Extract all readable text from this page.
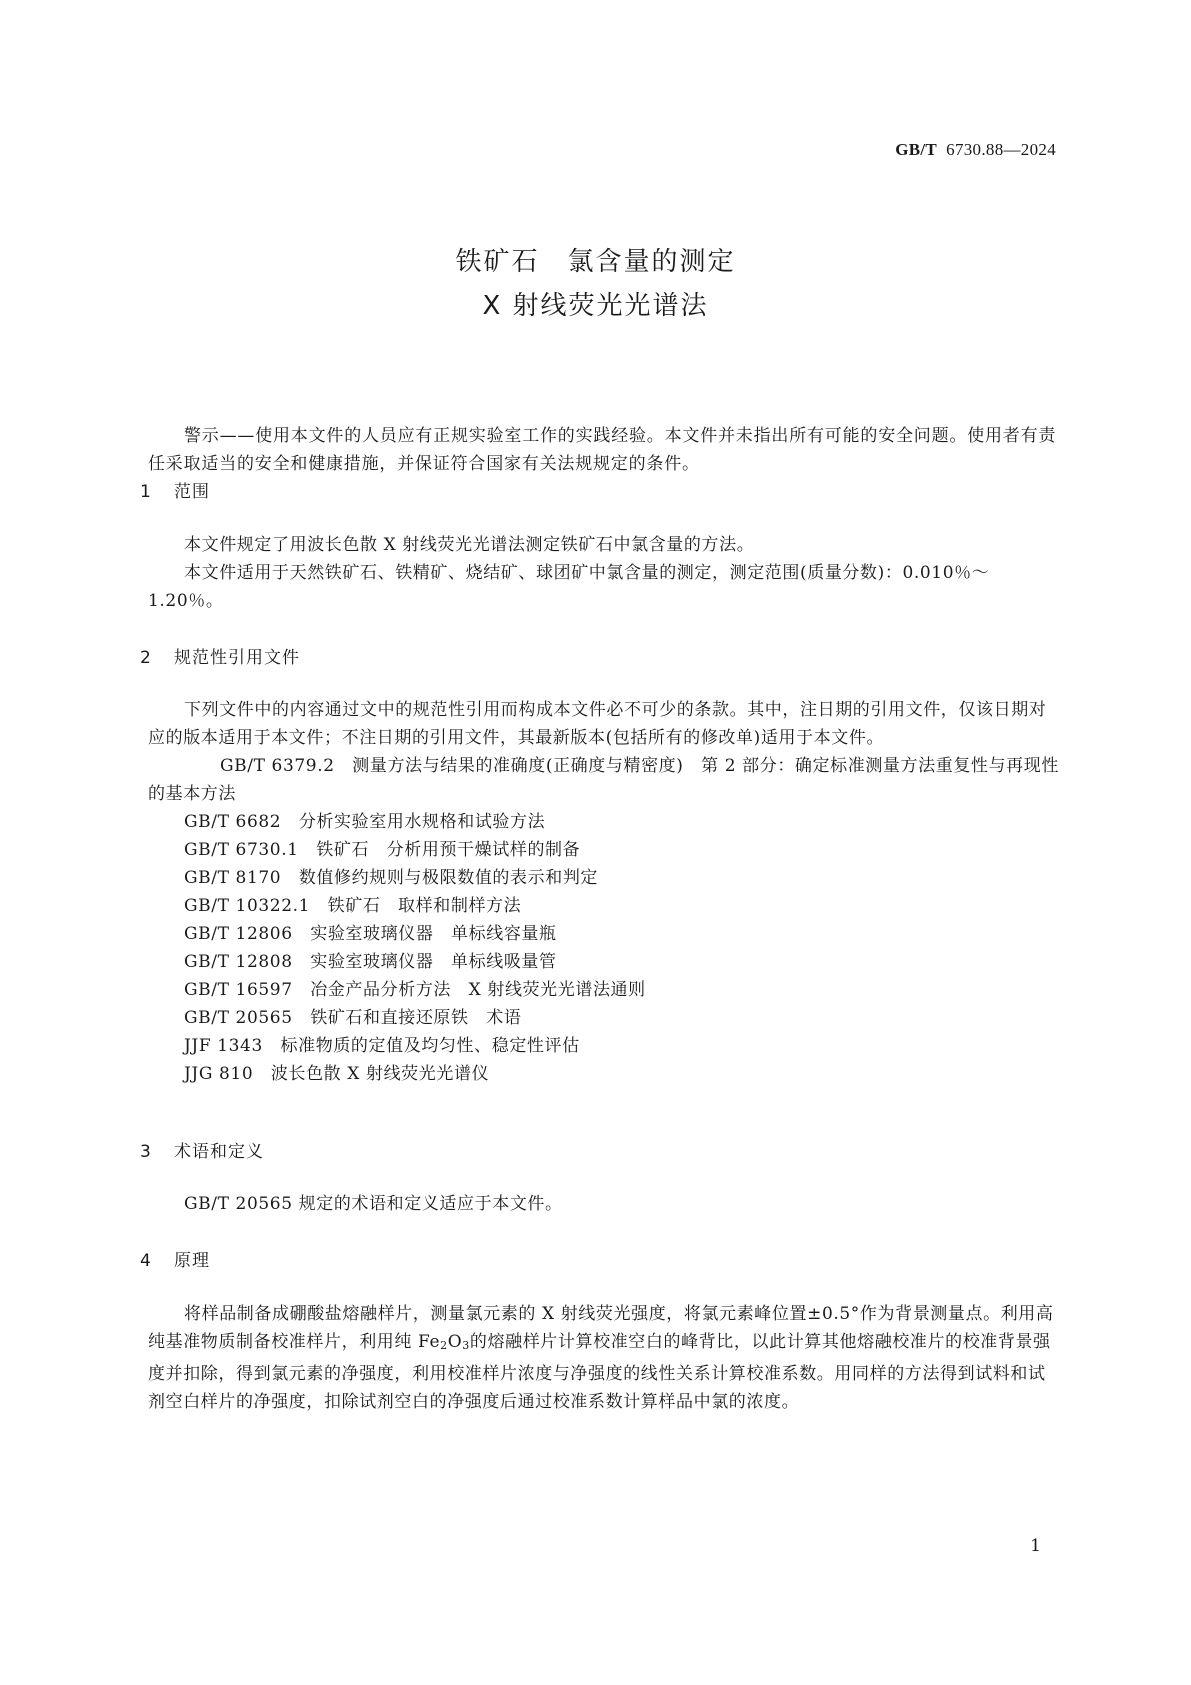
GB/T 6730.88—2024
铁矿石　氯含量的测定
X 射线荧光光谱法
警示——使用本文件的人员应有正规实验室工作的实践经验。本文件并未指出所有可能的安全问题。使用者有责任采取适当的安全和健康措施，并保证符合国家有关法规规定的条件。
1 范围

本文件规定了用波长色散 X 射线荧光光谱法测定铁矿石中氯含量的方法。

本文件适用于天然铁矿石、铁精矿、烧结矿、球团矿中氯含量的测定，测定范围(质量分数)：0.010％～1.20％。

2 规范性引用文件

下列文件中的内容通过文中的规范性引用而构成本文件必不可少的条款。其中，注日期的引用文件，仅该日期对应的版本适用于本文件；不注日期的引用文件，其最新版本(包括所有的修改单)适用于本文件。

GB/T 6379.2　 测量方法与结果的准确度(正确度与精密度)　第 2 部分：确定标准测量方法重复性与再现性的基本方法

GB/T 6682　 分析实验室用水规格和试验方法

GB/T 6730.1　 铁矿石　分析用预干燥试样的制备

GB/T 8170　 数值修约规则与极限数值的表示和判定

GB/T 10322.1　 铁矿石　取样和制样方法

GB/T 12806　 实验室玻璃仪器　单标线容量瓶

GB/T 12808　 实验室玻璃仪器　单标线吸量管

GB/T 16597　 冶金产品分析方法　X 射线荧光光谱法通则

GB/T 20565　 铁矿石和直接还原铁　术语

JJF 1343　 标准物质的定值及均匀性、稳定性评估

JJG 810　 波长色散 X 射线荧光光谱仪

3 术语和定义

GB/T 20565 规定的术语和定义适应于本文件。

4 原理

将样品制备成硼酸盐熔融样片，测量氯元素的 X 射线荧光强度，将氯元素峰位置±0.5°作为背景测量点。利用高纯基准物质制备校准样片，利用纯 $Fe_2O_3$的熔融样片计算校准空白的峰背比，以此计算其他熔融校准片的校准背景强度并扣除，得到氯元素的净强度，利用校准样片浓度与净强度的线性关系计算校准系数。用同样的方法得到试料和试剂空白样片的净强度，扣除试剂空白的净强度后通过校准系数计算样品中氯的浓度。

1
